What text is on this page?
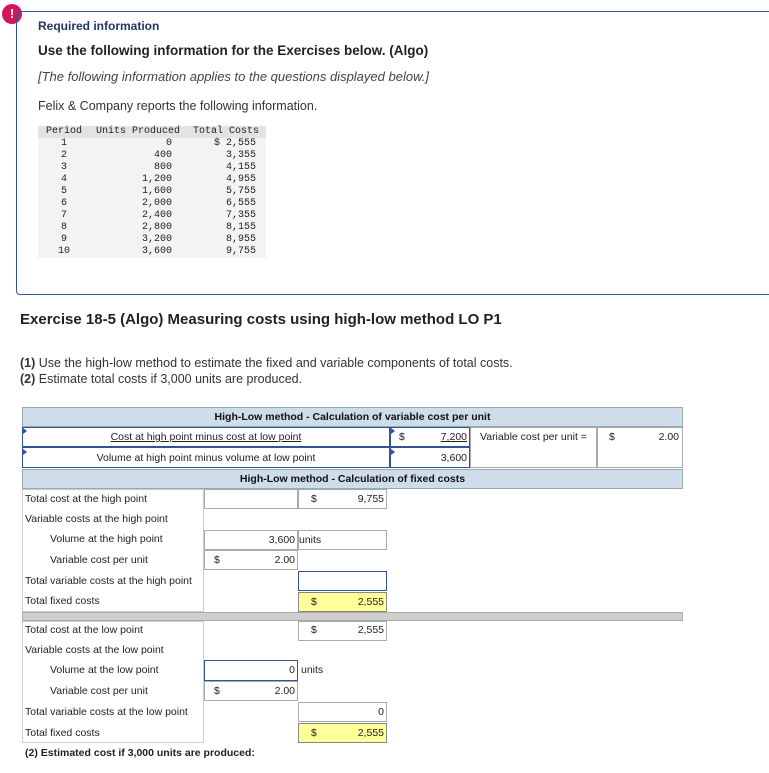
!
Required information
Use the following information for the Exercises below. (Algo)
[The following information applies to the questions displayed below.]
Felix & Company reports the following information.
Period	Units Produced	Total Costs
1	0	$ 2,555
2	400	3,355
3	800	4,155
4	1,200	4,955
5	1,600	5,755
6	2,000	6,555
7	2,400	7,355
8	2,800	8,155
9	3,200	8,955
10	3,600	9,755
Exercise 18-5 (Algo) Measuring costs using high-low method LO P1
(1) Use the high-low method to estimate the fixed and variable components of total costs.
(2) Estimate total costs if 3,000 units are produced.
High-Low method - Calculation of variable cost per unit
Cost at high point minus cost at low point	$	7,200 Variable cost per unit = $	2.00
Volume at high point minus volume at low point	3,600
High-Low method - Calculation of fixed costs
Total cost at the high point	$	9,755
Variable costs at the high point
Volume at the high point	3,600 units
Variable cost per unit	$	2.00
Total variable costs at the high point
Total fixed costs	$	2,555
Total cost at the low point	$	2,555
Variable costs at the low point
Volume at the low point	0 units
Variable cost per unit	$	2.00
Total variable costs at the low point	0
Total fixed costs	$	2,555
(2) Estimated cost if 3,000 units are produced:
